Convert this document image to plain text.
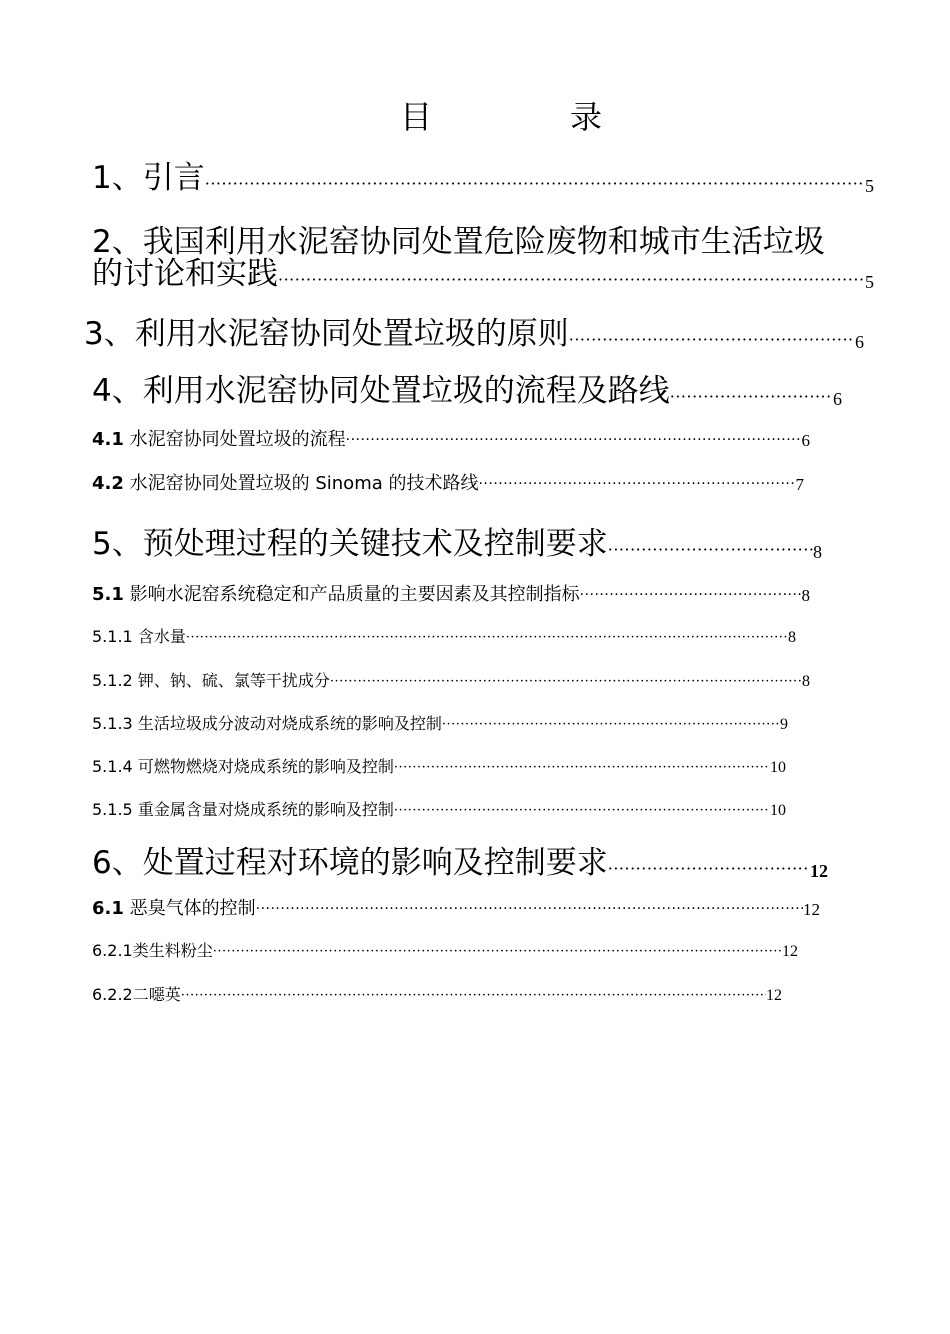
目	录
1、引言 ·····	5
2、我国利用水泥窑协同处置危险废物和城市生活垃圾
的讨论和实践 ·····	5
3、利用水泥窑协同处置垃圾的原则 ·····	6
4、利用水泥窑协同处置垃圾的流程及路线 ·····	6
4.1 水泥窑协同处置垃圾的流程 ·····	6
4.2 水泥窑协同处置垃圾的 Sinoma 的技术路线 ·····	7
5、预处理过程的关键技术及控制要求 ·····	8
5.1 影响水泥窑系统稳定和产品质量的主要因素及其控制指标 ·····	8
5.1.1 含水量 ·····	8
5.1.2 钾、钠、硫、氯等干扰成分 ·····	8
5.1.3 生活垃圾成分波动对烧成系统的影响及控制 ·····	9
5.1.4 可燃物燃烧对烧成系统的影响及控制 ·····	10
5.1.5 重金属含量对烧成系统的影响及控制 ·····	10
6、处置过程对环境的影响及控制要求 ·····	12
6.1 恶臭气体的控制 ·····	12
6.2.1类生料粉尘 ·····	12
6.2.2二噁英 ·····	12
